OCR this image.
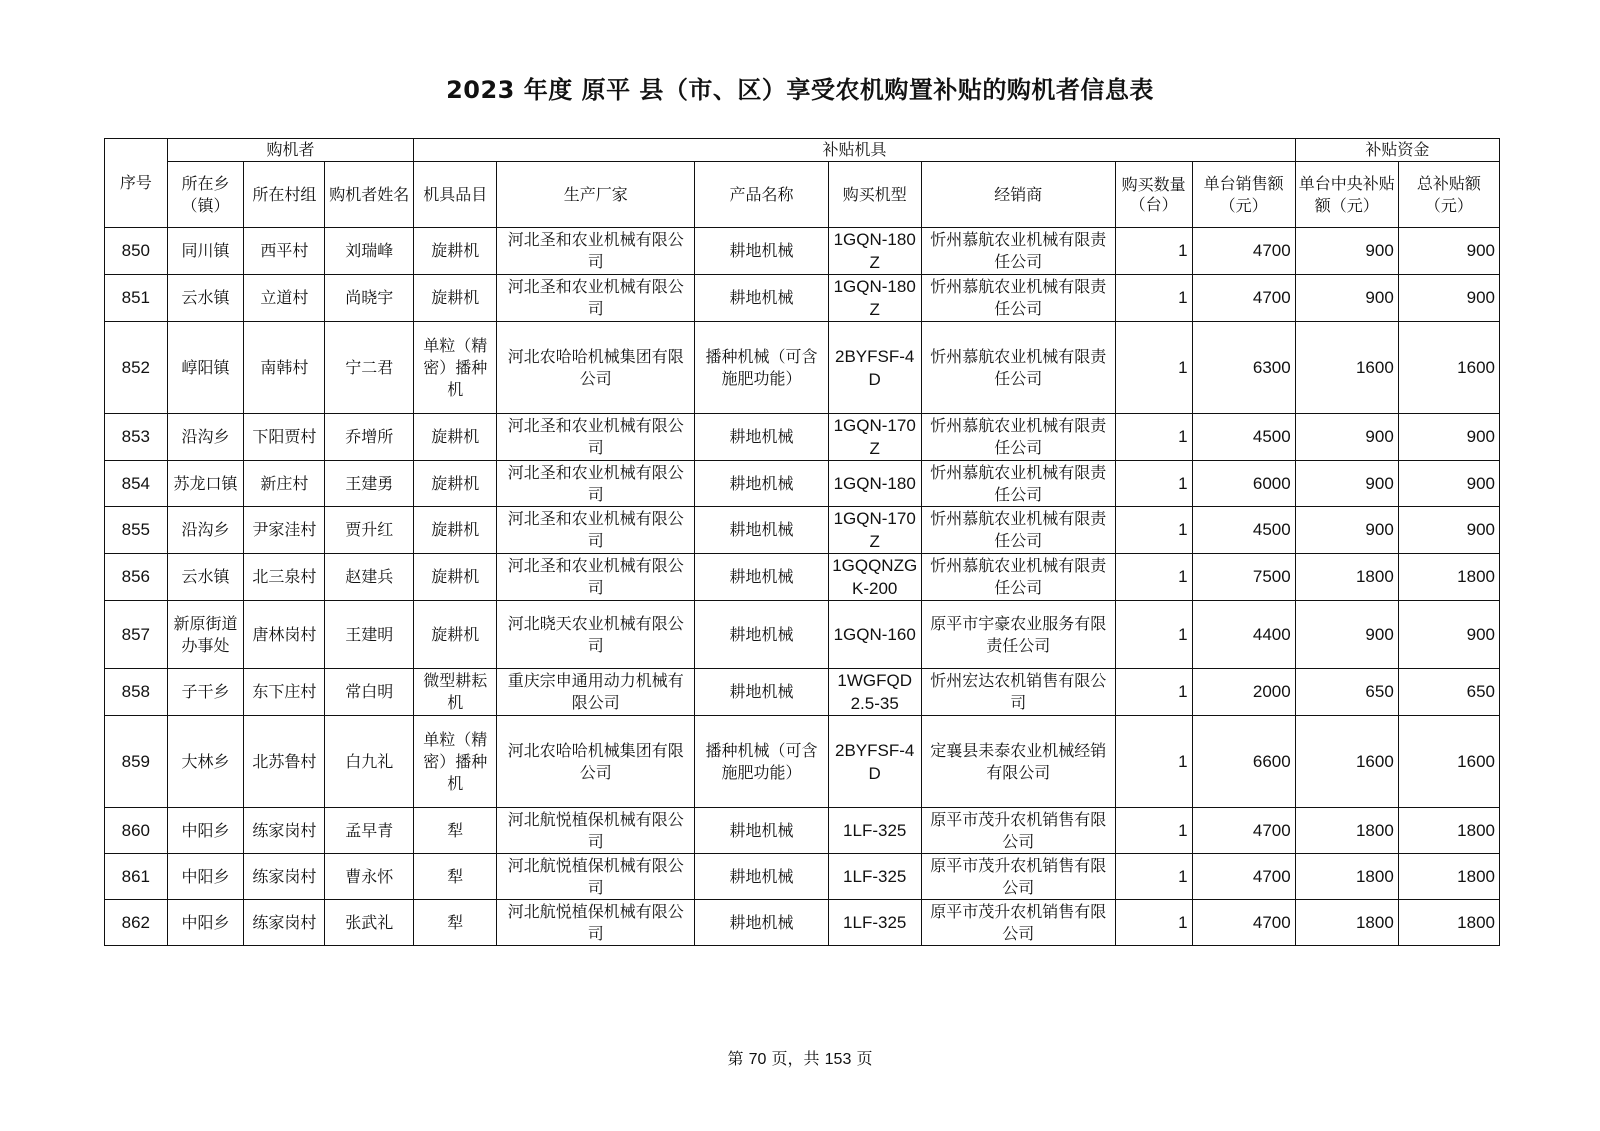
2023 年度 原平 县（市、区）享受农机购置补贴的购机者信息表
序号	购机者			补贴机具							补贴资金	
	所在乡（镇）	所在村组	购机者姓名	机具品目	生产厂家	产品名称	购买机型	经销商	购买数量（台）	单台销售额（元）	单台中央补贴额（元）	总补贴额（元）
850	同川镇	西平村	刘瑞峰	旋耕机	河北圣和农业机械有限公司	耕地机械	1GQN-180Z	忻州慕航农业机械有限责任公司	1	4700	900	900
851	云水镇	立道村	尚晓宇	旋耕机	河北圣和农业机械有限公司	耕地机械	1GQN-180Z	忻州慕航农业机械有限责任公司	1	4700	900	900
852	崞阳镇	南韩村	宁二君	单粒（精密）播种机	河北农哈哈机械集团有限公司	播种机械（可含施肥功能）	2BYFSF-4D	忻州慕航农业机械有限责任公司	1	6300	1600	1600
853	沿沟乡	下阳贾村	乔增所	旋耕机	河北圣和农业机械有限公司	耕地机械	1GQN-170Z	忻州慕航农业机械有限责任公司	1	4500	900	900
854	苏龙口镇	新庄村	王建勇	旋耕机	河北圣和农业机械有限公司	耕地机械	1GQN-180	忻州慕航农业机械有限责任公司	1	6000	900	900
855	沿沟乡	尹家洼村	贾升红	旋耕机	河北圣和农业机械有限公司	耕地机械	1GQN-170Z	忻州慕航农业机械有限责任公司	1	4500	900	900
856	云水镇	北三泉村	赵建兵	旋耕机	河北圣和农业机械有限公司	耕地机械	1GQQNZGK-200	忻州慕航农业机械有限责任公司	1	7500	1800	1800
857	新原街道办事处	唐林岗村	王建明	旋耕机	河北晓天农业机械有限公司	耕地机械	1GQN-160	原平市宇豪农业服务有限责任公司	1	4400	900	900
858	子干乡	东下庄村	常白明	微型耕耘机	重庆宗申通用动力机械有限公司	耕地机械	1WGFQD2.5-35	忻州宏达农机销售有限公司	1	2000	650	650
859	大林乡	北苏鲁村	白九礼	单粒（精密）播种机	河北农哈哈机械集团有限公司	播种机械（可含施肥功能）	2BYFSF-4D	定襄县耒泰农业机械经销有限公司	1	6600	1600	1600
860	中阳乡	练家岗村	孟早青	犁	河北航悦植保机械有限公司	耕地机械	1LF-325	原平市茂升农机销售有限公司	1	4700	1800	1800
861	中阳乡	练家岗村	曹永怀	犁	河北航悦植保机械有限公司	耕地机械	1LF-325	原平市茂升农机销售有限公司	1	4700	1800	1800
862	中阳乡	练家岗村	张武礼	犁	河北航悦植保机械有限公司	耕地机械	1LF-325	原平市茂升农机销售有限公司	1	4700	1800	1800
第 70 页，共 153 页
